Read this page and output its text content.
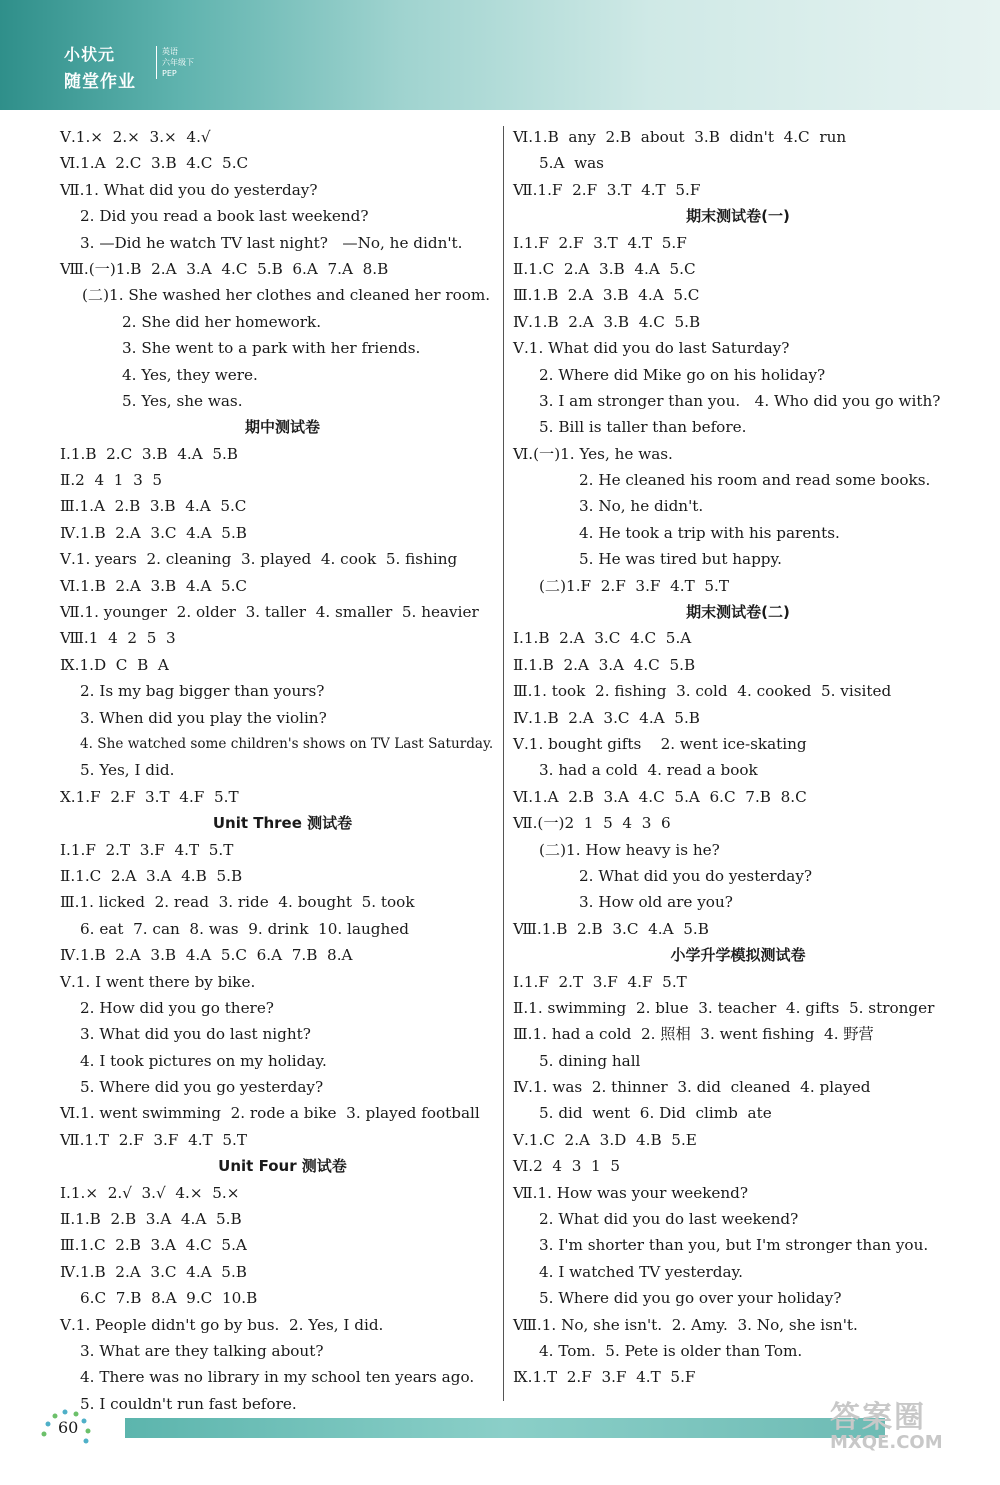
小状元
随堂作业
英语
六年级下
PEP
Ⅴ.1.×  2.×  3.×  4.√
Ⅵ.1.A  2.C  3.B  4.C  5.C
Ⅶ.1. What did you do yesterday?
2. Did you read a book last weekend?
3. —Did he watch TV last night?   —No, he didn't.
Ⅷ.(一)1.B  2.A  3.A  4.C  5.B  6.A  7.A  8.B
(二)1. She washed her clothes and cleaned her room.
2. She did her homework.
3. She went to a park with her friends.
4. Yes, they were.
5. Yes, she was.
期中测试卷
Ⅰ.1.B  2.C  3.B  4.A  5.B
Ⅱ.2  4  1  3  5
Ⅲ.1.A  2.B  3.B  4.A  5.C
Ⅳ.1.B  2.A  3.C  4.A  5.B
Ⅴ.1. years  2. cleaning  3. played  4. cook  5. fishing
Ⅵ.1.B  2.A  3.B  4.A  5.C
Ⅶ.1. younger  2. older  3. taller  4. smaller  5. heavier
Ⅷ.1  4  2  5  3
Ⅸ.1.D  C  B  A
2. Is my bag bigger than yours?
3. When did you play the violin?
4. She watched some children's shows on TV Last Saturday.
5. Yes, I did.
Ⅹ.1.F  2.F  3.T  4.F  5.T
Unit Three 测试卷
Ⅰ.1.F  2.T  3.F  4.T  5.T
Ⅱ.1.C  2.A  3.A  4.B  5.B
Ⅲ.1. licked  2. read  3. ride  4. bought  5. took
6. eat  7. can  8. was  9. drink  10. laughed
Ⅳ.1.B  2.A  3.B  4.A  5.C  6.A  7.B  8.A
Ⅴ.1. I went there by bike.
2. How did you go there?
3. What did you do last night?
4. I took pictures on my holiday.
5. Where did you go yesterday?
Ⅵ.1. went swimming  2. rode a bike  3. played football
Ⅶ.1.T  2.F  3.F  4.T  5.T
Unit Four 测试卷
Ⅰ.1.×  2.√  3.√  4.×  5.×
Ⅱ.1.B  2.B  3.A  4.A  5.B
Ⅲ.1.C  2.B  3.A  4.C  5.A
Ⅳ.1.B  2.A  3.C  4.A  5.B
6.C  7.B  8.A  9.C  10.B
Ⅴ.1. People didn't go by bus.  2. Yes, I did.
3. What are they talking about?
4. There was no library in my school ten years ago.
5. I couldn't run fast before.
Ⅵ.1.B  any  2.B  about  3.B  didn't  4.C  run
5.A  was
Ⅶ.1.F  2.F  3.T  4.T  5.F
期末测试卷(一)
Ⅰ.1.F  2.F  3.T  4.T  5.F
Ⅱ.1.C  2.A  3.B  4.A  5.C
Ⅲ.1.B  2.A  3.B  4.A  5.C
Ⅳ.1.B  2.A  3.B  4.C  5.B
Ⅴ.1. What did you do last Saturday?
2. Where did Mike go on his holiday?
3. I am stronger than you.   4. Who did you go with?
5. Bill is taller than before.
Ⅵ.(一)1. Yes, he was.
2. He cleaned his room and read some books.
3. No, he didn't.
4. He took a trip with his parents.
5. He was tired but happy.
(二)1.F  2.F  3.F  4.T  5.T
期末测试卷(二)
Ⅰ.1.B  2.A  3.C  4.C  5.A
Ⅱ.1.B  2.A  3.A  4.C  5.B
Ⅲ.1. took  2. fishing  3. cold  4. cooked  5. visited
Ⅳ.1.B  2.A  3.C  4.A  5.B
Ⅴ.1. bought gifts    2. went ice-skating
3. had a cold  4. read a book
Ⅵ.1.A  2.B  3.A  4.C  5.A  6.C  7.B  8.C
Ⅶ.(一)2  1  5  4  3  6
(二)1. How heavy is he?
2. What did you do yesterday?
3. How old are you?
Ⅷ.1.B  2.B  3.C  4.A  5.B
小学升学模拟测试卷
Ⅰ.1.F  2.T  3.F  4.F  5.T
Ⅱ.1. swimming  2. blue  3. teacher  4. gifts  5. stronger
Ⅲ.1. had a cold  2. 照相  3. went fishing  4. 野营
5. dining hall
Ⅳ.1. was  2. thinner  3. did  cleaned  4. played
5. did  went  6. Did  climb  ate
Ⅴ.1.C  2.A  3.D  4.B  5.E
Ⅵ.2  4  3  1  5
Ⅶ.1. How was your weekend?
2. What did you do last weekend?
3. I'm shorter than you, but I'm stronger than you.
4. I watched TV yesterday.
5. Where did you go over your holiday?
Ⅷ.1. No, she isn't.  2. Amy.  3. No, she isn't.
4. Tom.  5. Pete is older than Tom.
Ⅸ.1.T  2.F  3.F  4.T  5.F
60	答案圈
MXQE.COM
